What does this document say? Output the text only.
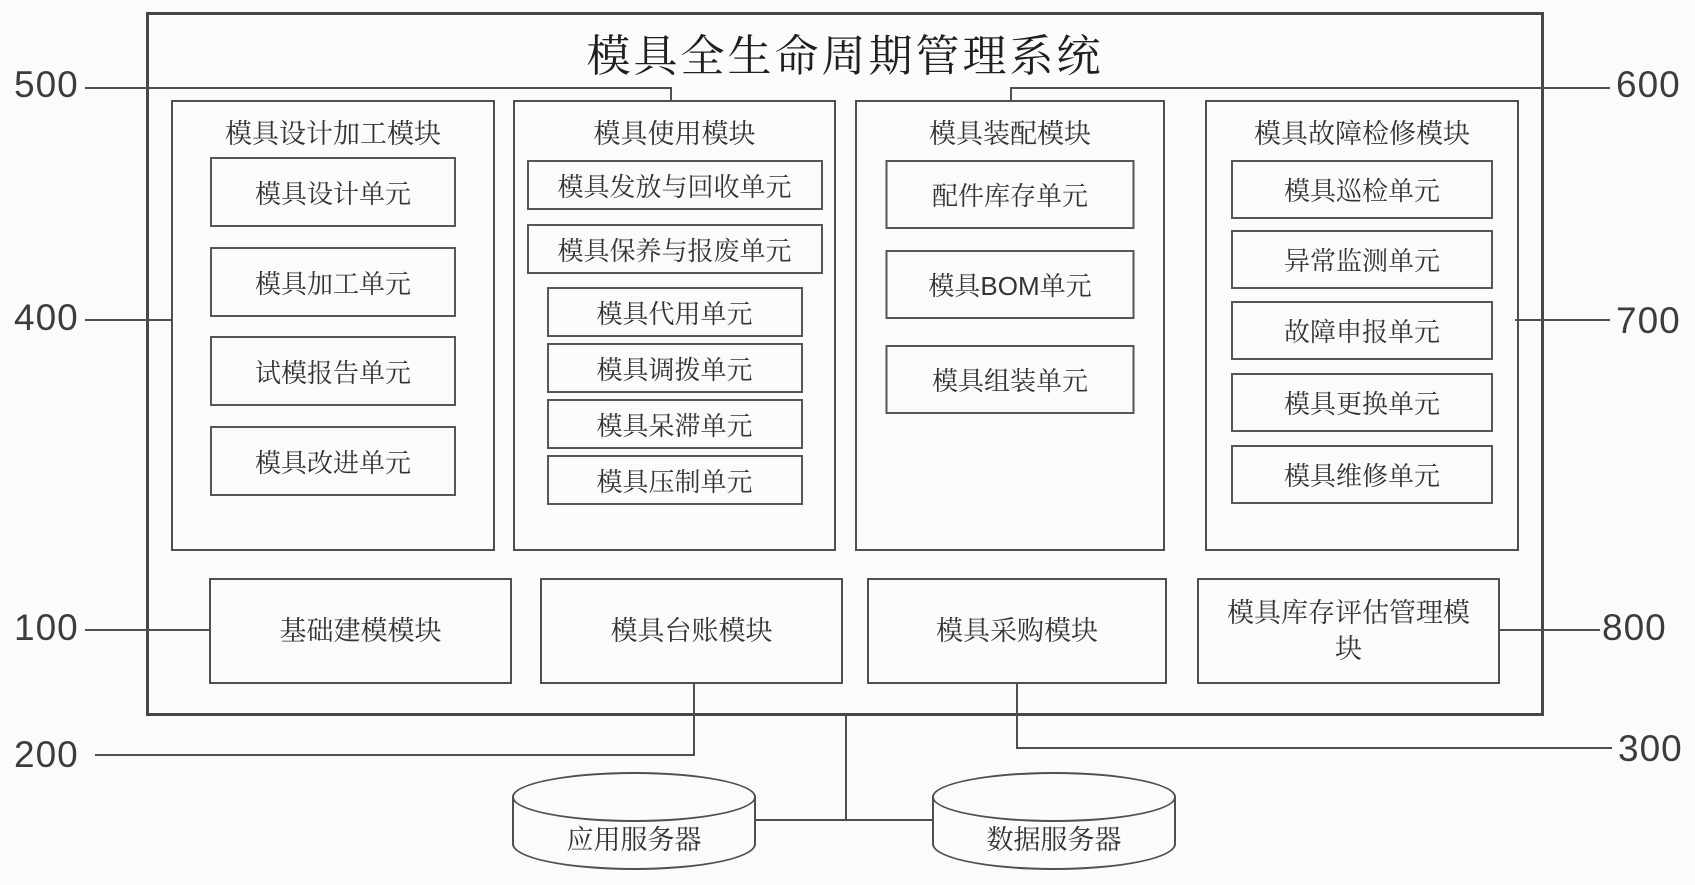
模具全生命周期管理系统
500	600
400	700
100	800
200	300
模具设计加工模块
模具设计单元
模具加工单元
试模报告单元
模具改进单元
模具使用模块
模具发放与回收单元
模具保养与报废单元
模具代用单元
模具调拨单元
模具呆滞单元
模具压制单元
模具装配模块
配件库存单元
模具BOM单元
模具组装单元
模具故障检修模块
模具巡检单元
异常监测单元
故障申报单元
模具更换单元
模具维修单元
基础建模模块	模具台账模块	模具采购模块
模具库存评估管理模块
应用服务器	数据服务器
